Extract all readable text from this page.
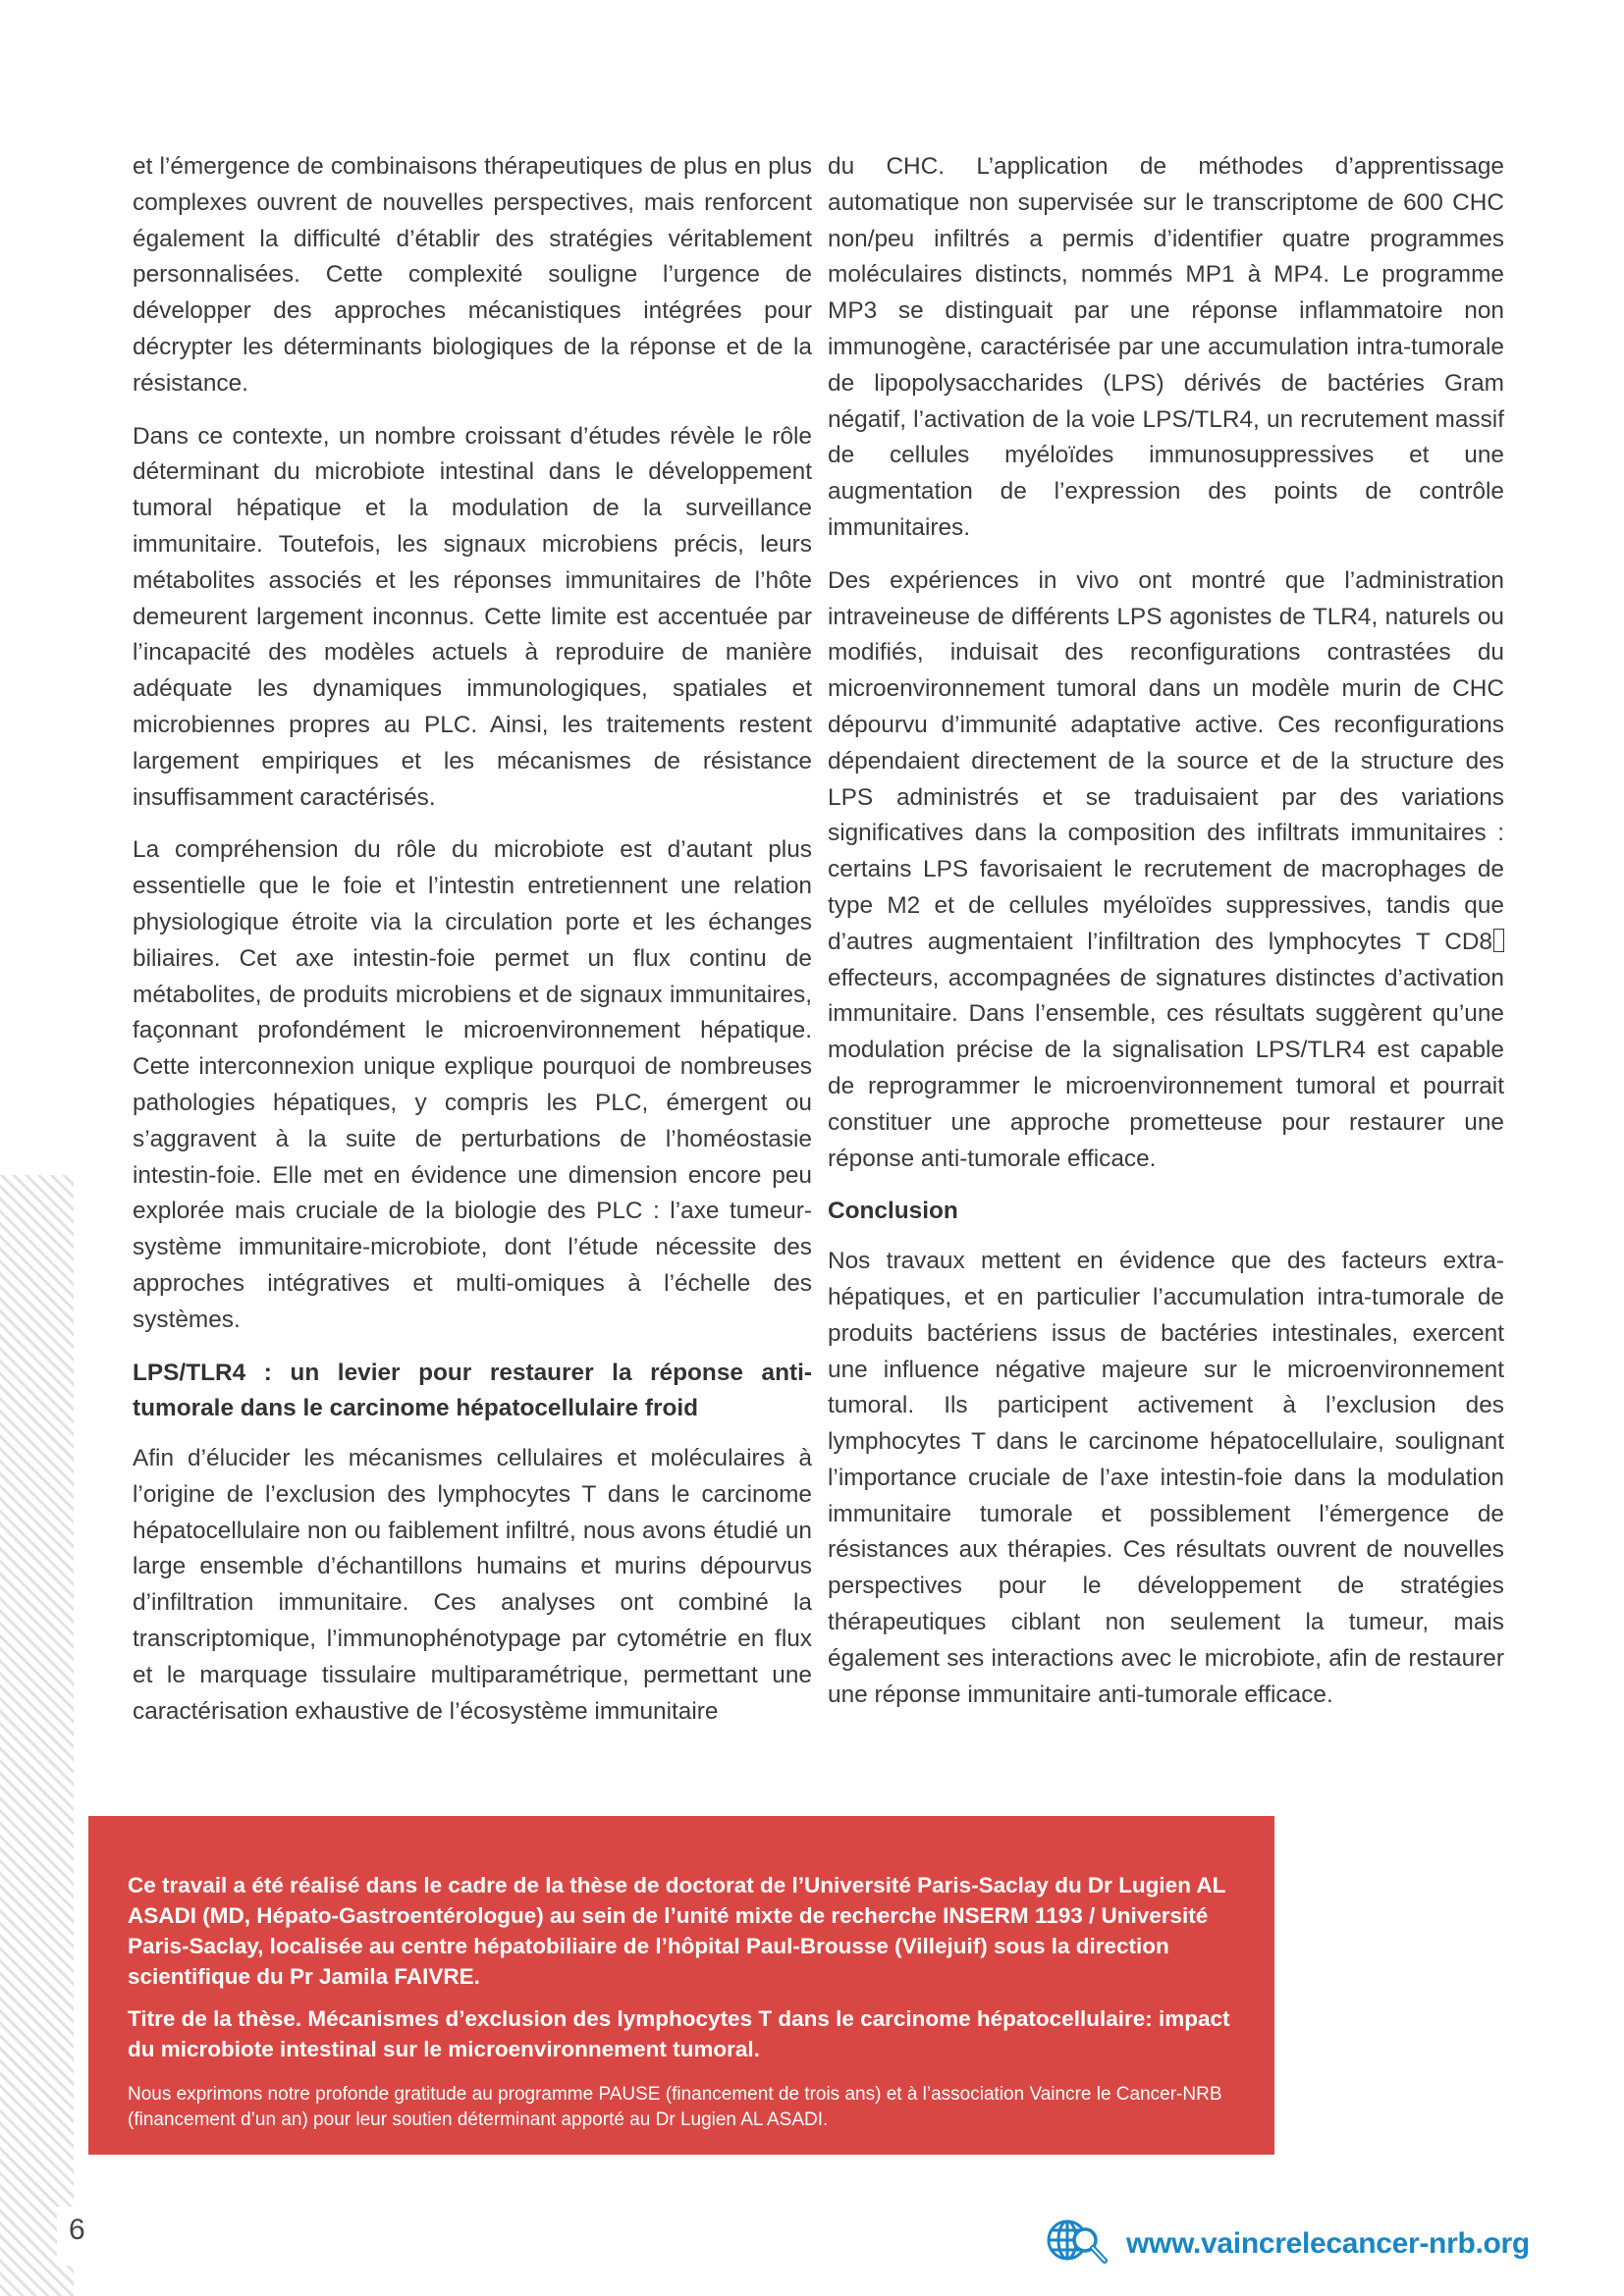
et l’émergence de combinaisons thérapeutiques de plus en plus complexes ouvrent de nouvelles perspectives, mais renforcent également la difficulté d’établir des stratégies véritablement personnalisées. Cette complexité souligne l’urgence de développer des approches mécanistiques intégrées pour décrypter les déterminants biologiques de la réponse et de la résistance.

Dans ce contexte, un nombre croissant d’études révèle le rôle déterminant du microbiote intestinal dans le développement tumoral hépatique et la modulation de la surveillance immunitaire. Toutefois, les signaux microbiens précis, leurs métabolites associés et les réponses immunitaires de l’hôte demeurent largement inconnus. Cette limite est accentuée par l’incapacité des modèles actuels à reproduire de manière adéquate les dynamiques immunologiques, spatiales et microbiennes propres au PLC. Ainsi, les traitements restent largement empiriques et les mécanismes de résistance insuffisamment caractérisés.

La compréhension du rôle du microbiote est d’autant plus essentielle que le foie et l’intestin entretiennent une relation physiologique étroite via la circulation porte et les échanges biliaires. Cet axe intestin-foie permet un flux continu de métabolites, de produits microbiens et de signaux immunitaires, façonnant profondément le microenvironnement hépatique. Cette interconnexion unique explique pourquoi de nombreuses pathologies hépatiques, y compris les PLC, émergent ou s’aggravent à la suite de perturbations de l’homéostasie intestin-foie. Elle met en évidence une dimension encore peu explorée mais cruciale de la biologie des PLC : l’axe tumeur-système immunitaire-microbiote, dont l’étude nécessite des approches intégratives et multi-omiques à l’échelle des systèmes.

LPS/TLR4 : un levier pour restaurer la réponse anti-tumorale dans le carcinome hépatocellulaire froid

Afin d’élucider les mécanismes cellulaires et moléculaires à l’origine de l’exclusion des lymphocytes T dans le carcinome hépatocellulaire non ou faiblement infiltré, nous avons étudié un large ensemble d’échantillons humains et murins dépourvus d’infiltration immunitaire. Ces analyses ont combiné la transcriptomique, l’immunophénotypage par cytométrie en flux et le marquage tissulaire multiparamétrique, permettant une caractérisation exhaustive de l’écosystème immunitaire

du CHC. L’application de méthodes d’apprentissage automatique non supervisée sur le transcriptome de 600 CHC non/peu infiltrés a permis d’identifier quatre programmes moléculaires distincts, nommés MP1 à MP4. Le programme MP3 se distinguait par une réponse inflammatoire non immunogène, caractérisée par une accumulation intra-tumorale de lipopolysaccharides (LPS) dérivés de bactéries Gram négatif, l’activation de la voie LPS/TLR4, un recrutement massif de cellules myéloïdes immunosuppressives et une augmentation de l’expression des points de contrôle immunitaires.

Des expériences in vivo ont montré que l’administration intraveineuse de différents LPS agonistes de TLR4, naturels ou modifiés, induisait des reconfigurations contrastées du microenvironnement tumoral dans un modèle murin de CHC dépourvu d’immunité adaptative active. Ces reconfigurations dépendaient directement de la source et de la structure des LPS administrés et se traduisaient par des variations significatives dans la composition des infiltrats immunitaires : certains LPS favorisaient le recrutement de macrophages de type M2 et de cellules myéloïdes suppressives, tandis que d’autres augmentaient l’infiltration des lymphocytes T CD8 effecteurs, accompagnées de signatures distinctes d’activation immunitaire. Dans l’ensemble, ces résultats suggèrent qu’une modulation précise de la signalisation LPS/TLR4 est capable de reprogrammer le microenvironnement tumoral et pourrait constituer une approche prometteuse pour restaurer une réponse anti-tumorale efficace.

Conclusion

Nos travaux mettent en évidence que des facteurs extra-hépatiques, et en particulier l’accumulation intra-tumorale de produits bactériens issus de bactéries intestinales, exercent une influence négative majeure sur le microenvironnement tumoral. Ils participent activement à l’exclusion des lymphocytes T dans le carcinome hépatocellulaire, soulignant l’importance cruciale de l’axe intestin-foie dans la modulation immunitaire tumorale et possiblement l’émergence de résistances aux thérapies. Ces résultats ouvrent de nouvelles perspectives pour le développement de stratégies thérapeutiques ciblant non seulement la tumeur, mais également ses interactions avec le microbiote, afin de restaurer une réponse immunitaire anti-tumorale efficace.

Ce travail a été réalisé dans le cadre de la thèse de doctorat de l’Université Paris-Saclay du Dr Lugien AL ASADI (MD, Hépato-Gastroentérologue) au sein de l’unité mixte de recherche INSERM 1193 / Université Paris-Saclay, localisée au centre hépatobiliaire de l’hôpital Paul-Brousse (Villejuif) sous la direction scientifique du Pr Jamila FAIVRE.

Titre de la thèse. Mécanismes d’exclusion des lymphocytes T dans le carcinome hépatocellulaire: impact du microbiote intestinal sur le microenvironnement tumoral.

Nous exprimons notre profonde gratitude au programme PAUSE (financement de trois ans) et à l’association Vaincre le Cancer-NRB (financement d’un an) pour leur soutien déterminant apporté au Dr Lugien AL ASADI.

6	www.vaincrelecancer-nrb.org
